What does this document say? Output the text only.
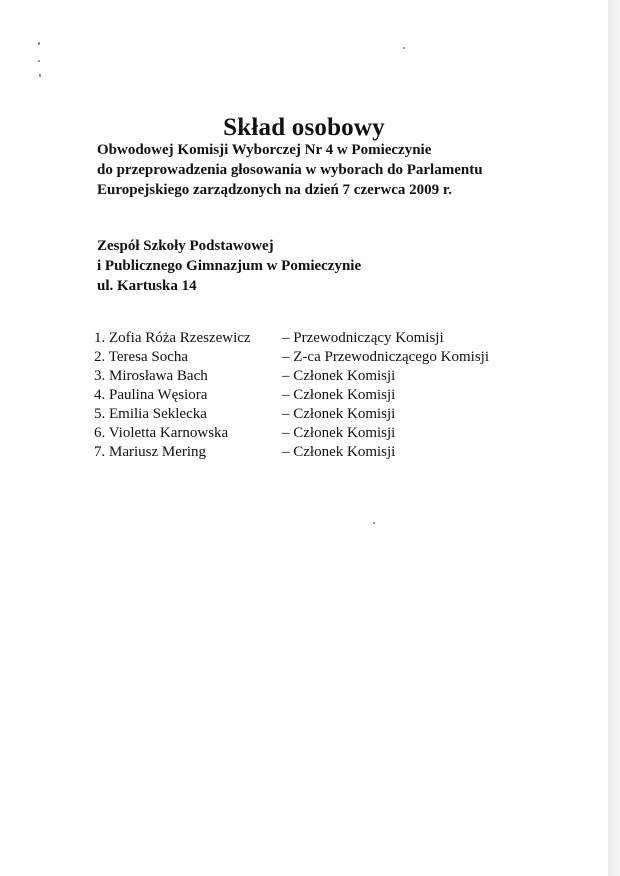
Skład osobowy
Obwodowej Komisji Wyborczej Nr 4 w Pomieczynie
do przeprowadzenia głosowania w wyborach do Parlamentu
Europejskiego zarządzonych na dzień 7 czerwca 2009 r.
Zespół Szkoły Podstawowej
i Publicznego Gimnazjum w Pomieczynie
ul. Kartuska 14
1. Zofia Róża Rzeszewicz	– Przewodniczący Komisji
2. Teresa Socha	– Z-ca Przewodniczącego Komisji
3. Mirosława Bach	– Członek Komisji
4. Paulina Węsiora	– Członek Komisji
5. Emilia Seklecka	– Członek Komisji
6. Violetta Karnowska	– Członek Komisji
7. Mariusz Mering	– Członek Komisji
